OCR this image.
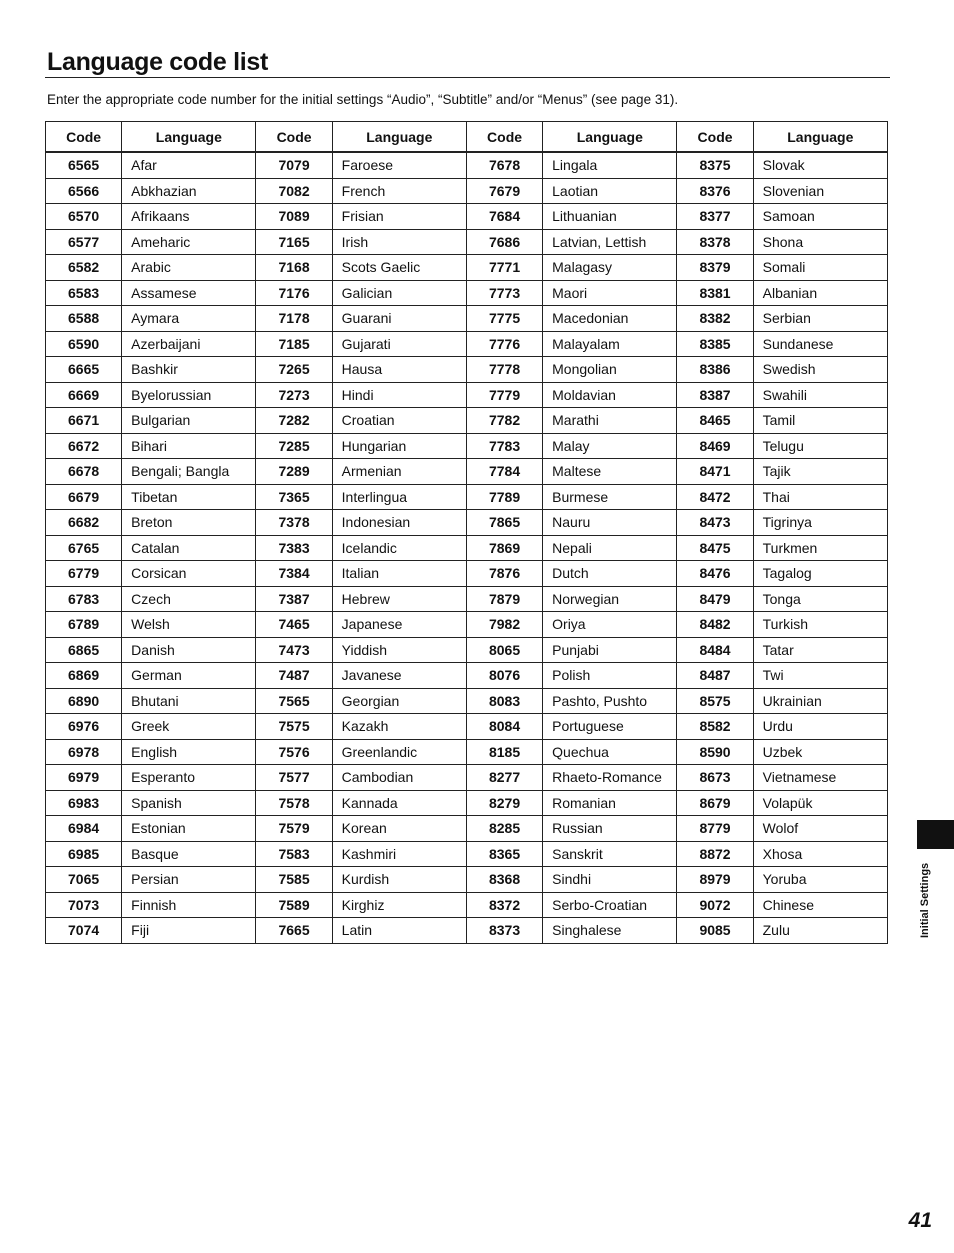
Language code list

Enter the appropriate code number for the initial settings “Audio”, “Subtitle” and/or “Menus” (see page 31).

Code	Language	Code	Language	Code	Language	Code	Language
6565	Afar	7079	Faroese	7678	Lingala	8375	Slovak
6566	Abkhazian	7082	French	7679	Laotian	8376	Slovenian
6570	Afrikaans	7089	Frisian	7684	Lithuanian	8377	Samoan
6577	Ameharic	7165	Irish	7686	Latvian, Lettish	8378	Shona
6582	Arabic	7168	Scots Gaelic	7771	Malagasy	8379	Somali
6583	Assamese	7176	Galician	7773	Maori	8381	Albanian
6588	Aymara	7178	Guarani	7775	Macedonian	8382	Serbian
6590	Azerbaijani	7185	Gujarati	7776	Malayalam	8385	Sundanese
6665	Bashkir	7265	Hausa	7778	Mongolian	8386	Swedish
6669	Byelorussian	7273	Hindi	7779	Moldavian	8387	Swahili
6671	Bulgarian	7282	Croatian	7782	Marathi	8465	Tamil
6672	Bihari	7285	Hungarian	7783	Malay	8469	Telugu
6678	Bengali; Bangla	7289	Armenian	7784	Maltese	8471	Tajik
6679	Tibetan	7365	Interlingua	7789	Burmese	8472	Thai
6682	Breton	7378	Indonesian	7865	Nauru	8473	Tigrinya
6765	Catalan	7383	Icelandic	7869	Nepali	8475	Turkmen
6779	Corsican	7384	Italian	7876	Dutch	8476	Tagalog
6783	Czech	7387	Hebrew	7879	Norwegian	8479	Tonga
6789	Welsh	7465	Japanese	7982	Oriya	8482	Turkish
6865	Danish	7473	Yiddish	8065	Punjabi	8484	Tatar
6869	German	7487	Javanese	8076	Polish	8487	Twi
6890	Bhutani	7565	Georgian	8083	Pashto, Pushto	8575	Ukrainian
6976	Greek	7575	Kazakh	8084	Portuguese	8582	Urdu
6978	English	7576	Greenlandic	8185	Quechua	8590	Uzbek
6979	Esperanto	7577	Cambodian	8277	Rhaeto-Romance	8673	Vietnamese
6983	Spanish	7578	Kannada	8279	Romanian	8679	Volapük
6984	Estonian	7579	Korean	8285	Russian	8779	Wolof
6985	Basque	7583	Kashmiri	8365	Sanskrit	8872	Xhosa
7065	Persian	7585	Kurdish	8368	Sindhi	8979	Yoruba
7073	Finnish	7589	Kirghiz	8372	Serbo-Croatian	9072	Chinese
7074	Fiji	7665	Latin	8373	Singhalese	9085	Zulu	Initial Settings

41
